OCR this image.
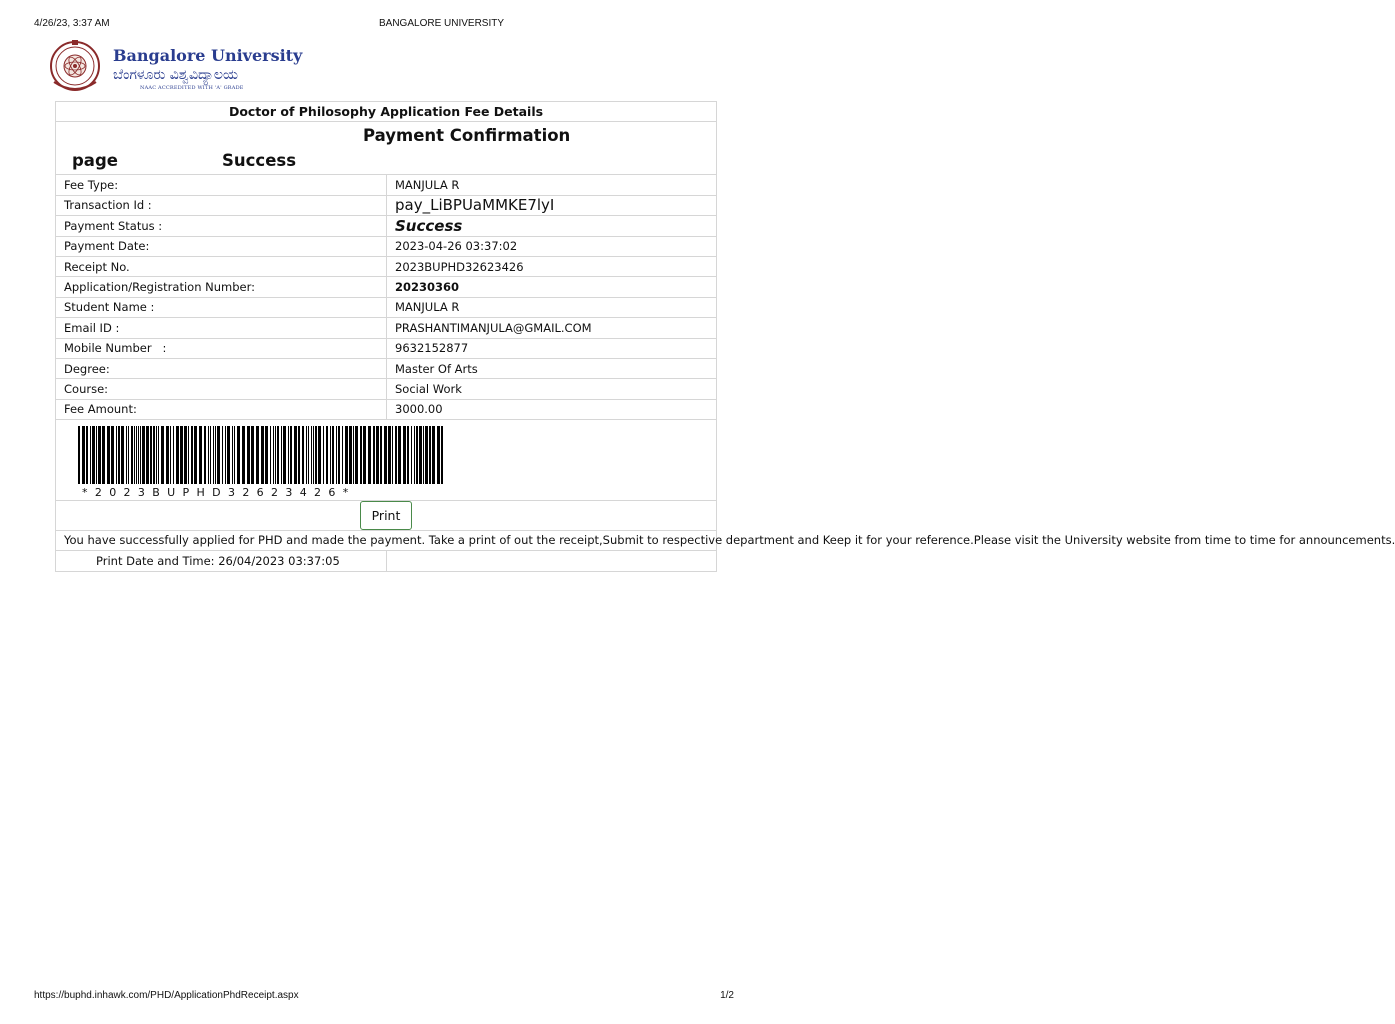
4/26/23, 3:37 AM	BANGALORE UNIVERSITY
Bangalore University
ಬೆಂಗಳೂರು ವಿಶ್ವವಿದ್ಯಾಲಯ
NAAC ACCREDITED WITH 'A' GRADE
Doctor of Philosophy Application Fee Details	

Payment Confirmation
page Success	

Fee Type:	MANJULA R
Transaction Id :	pay_LiBPUaMMKE7lyI
Payment Status :	Success
Payment Date:	2023-04-26 03:37:02
Receipt No.	2023BUPHD32623426
Application/Registration Number:	20230360
Student Name :	MANJULA R
Email ID :	PRASHANTIMANJULA@GMAIL.COM
Mobile Number   :	9632152877
Degree:	Master Of Arts
Course:	Social Work
Fee Amount:	3000.00

*2023BUPHD32623426*	

Print	
You have successfully applied for PHD and made the payment. Take a print of out the receipt,Submit to respective department and Keep it for your reference.Please visit the University website from time to time for announcements.	
Print Date and Time: 26/04/2023 03:37:05	
https://buphd.inhawk.com/PHD/ApplicationPhdReceipt.aspx	1/2
